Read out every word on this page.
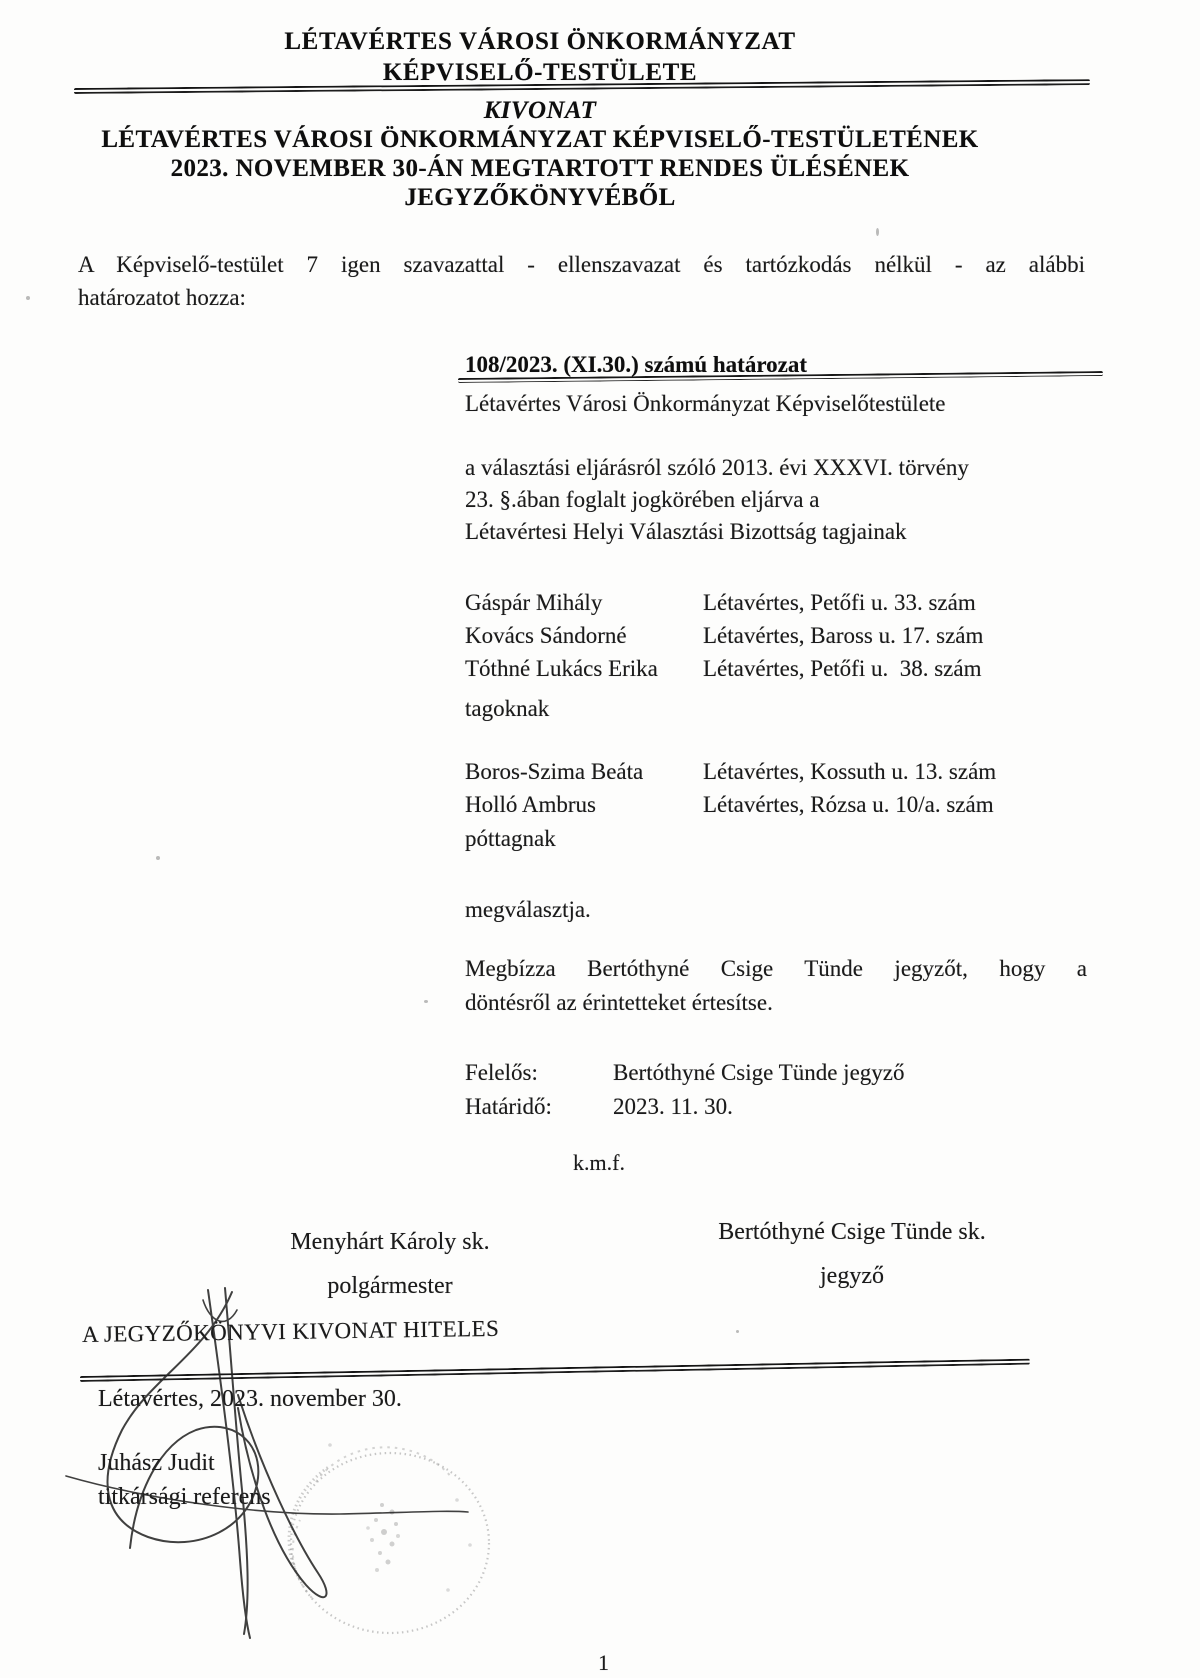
LÉTAVÉRTES VÁROSI ÖNKORMÁNYZAT
KÉPVISELŐ-TESTÜLETE
KIVONAT
LÉTAVÉRTES VÁROSI ÖNKORMÁNYZAT KÉPVISELŐ-TESTÜLETÉNEK
2023. NOVEMBER 30-ÁN MEGTARTOTT RENDES ÜLÉSÉNEK
JEGYZŐKÖNYVÉBŐL
A Képviselő-testület 7 igen szavazattal - ellenszavazat és tartózkodás nélkül - az alábbi
határozatot hozza:
108/2023. (XI.30.) számú határozat
Létavértes Városi Önkormányzat Képviselőtestülete
a választási eljárásról szóló 2013. évi XXXVI. törvény
23. §.ában foglalt jogkörében eljárva a
Létavértesi Helyi Választási Bizottság tagjainak
Gáspár Mihály	Létavértes, Petőfi u. 33. szám
Kovács Sándorné	Létavértes, Baross u. 17. szám
Tóthné Lukács Erika Létavértes, Petőfi u.  38. szám
tagoknak
Boros-Szima Beáta	Létavértes, Kossuth u. 13. szám
Holló Ambrus	Létavértes, Rózsa u. 10/a. szám
póttagnak
megválasztja.
Megbízza Bertóthyné Csige Tünde jegyzőt, hogy a
döntésről az érintetteket értesítse.
Felelős:	Bertóthyné Csige Tünde jegyző
Határidő:	2023. 11. 30.
k.m.f.
Menyhárt Károly sk.
polgármester
Bertóthyné Csige Tünde sk.
jegyző
A JEGYZŐKÖNYVI KIVONAT HITELES
Létavértes, 2023. november 30.
Juhász Judit
titkársági referens
1
